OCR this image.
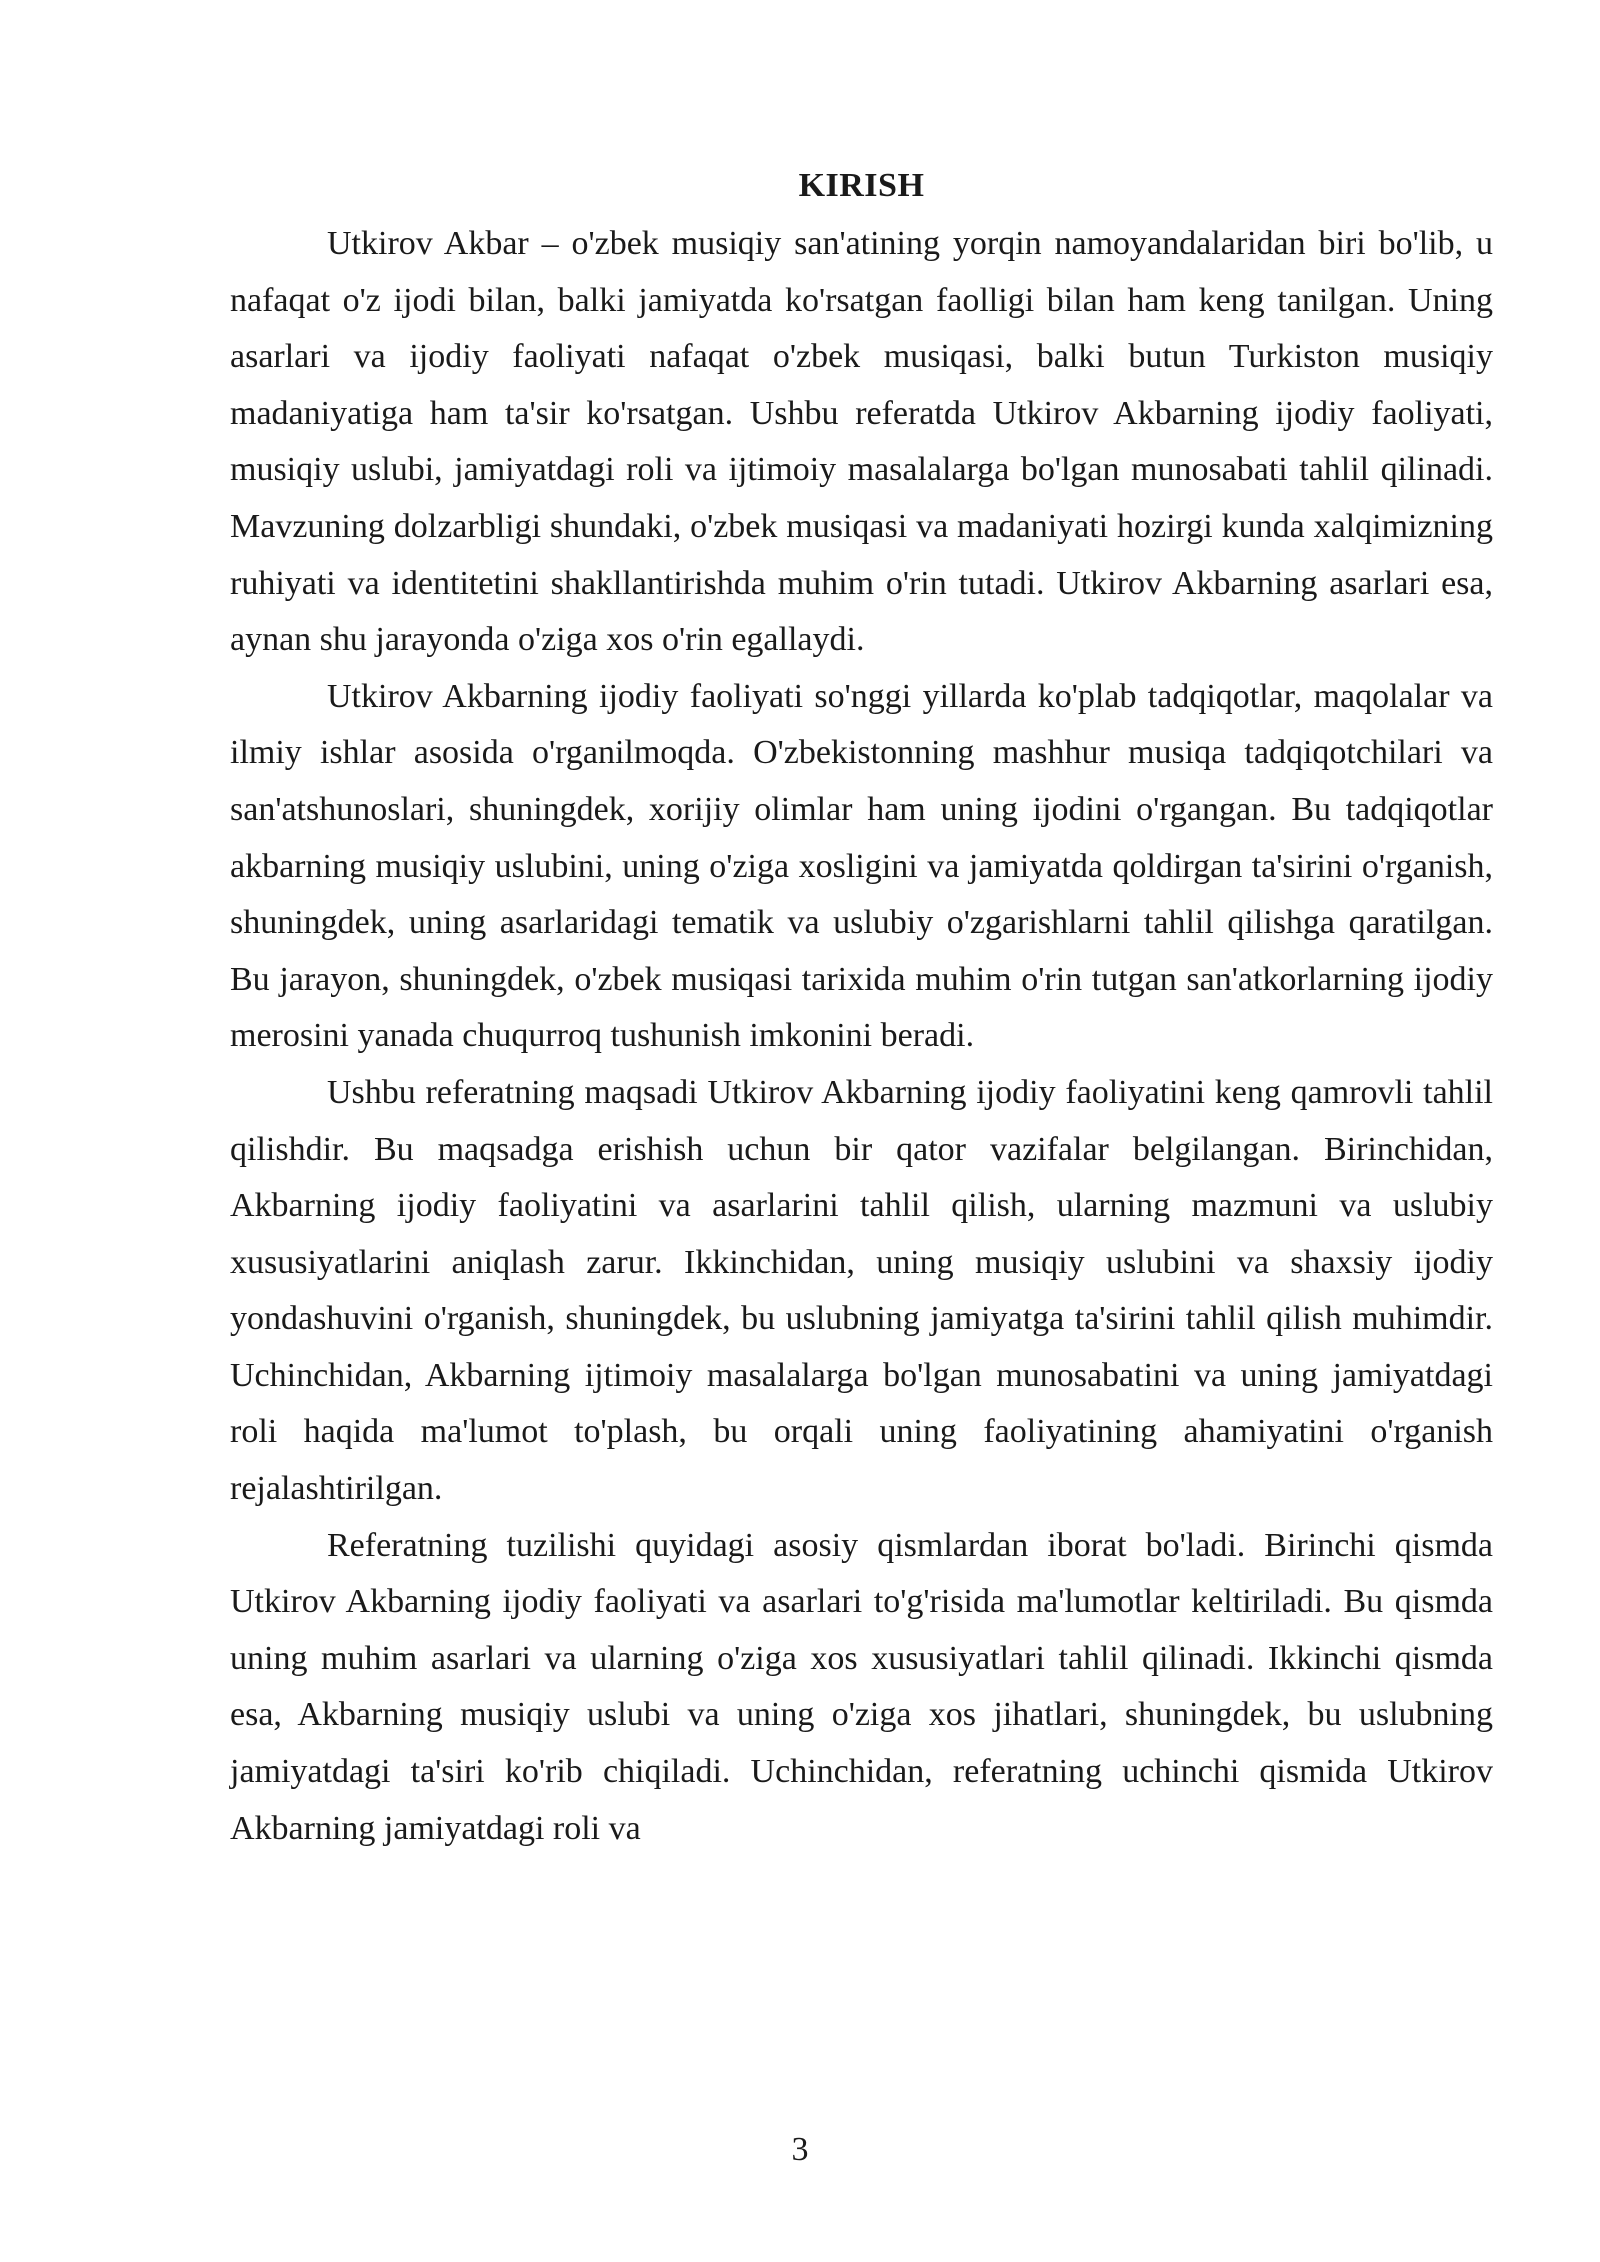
KIRISH

Utkirov Akbar – o'zbek musiqiy san'atining yorqin namoyandalaridan biri bo'lib, u nafaqat o'z ijodi bilan, balki jamiyatda ko'rsatgan faolligi bilan ham keng tanilgan. Uning asarlari va ijodiy faoliyati nafaqat o'zbek musiqasi, balki butun Turkiston musiqiy madaniyatiga ham ta'sir ko'rsatgan. Ushbu referatda Utkirov Akbarning ijodiy faoliyati, musiqiy uslubi, jamiyatdagi roli va ijtimoiy masalalarga bo'lgan munosabati tahlil qilinadi. Mavzuning dolzarbligi shundaki, o'zbek musiqasi va madaniyati hozirgi kunda xalqimizning ruhiyati va identitetini shakllantirishda muhim o'rin tutadi. Utkirov Akbarning asarlari esa, aynan shu jarayonda o'ziga xos o'rin egallaydi.

Utkirov Akbarning ijodiy faoliyati so'nggi yillarda ko'plab tadqiqotlar, maqolalar va ilmiy ishlar asosida o'rganilmoqda. O'zbekistonning mashhur musiqa tadqiqotchilari va san'atshunoslari, shuningdek, xorijiy olimlar ham uning ijodini o'rgangan. Bu tadqiqotlar akbarning musiqiy uslubini, uning o'ziga xosligini va jamiyatda qoldirgan ta'sirini o'rganish, shuningdek, uning asarlaridagi tematik va uslubiy o'zgarishlarni tahlil qilishga qaratilgan. Bu jarayon, shuningdek, o'zbek musiqasi tarixida muhim o'rin tutgan san'atkorlarning ijodiy merosini yanada chuqurroq tushunish imkonini beradi.

Ushbu referatning maqsadi Utkirov Akbarning ijodiy faoliyatini keng qamrovli tahlil qilishdir. Bu maqsadga erishish uchun bir qator vazifalar belgilangan. Birinchidan, Akbarning ijodiy faoliyatini va asarlarini tahlil qilish, ularning mazmuni va uslubiy xususiyatlarini aniqlash zarur. Ikkinchidan, uning musiqiy uslubini va shaxsiy ijodiy yondashuvini o'rganish, shuningdek, bu uslubning jamiyatga ta'sirini tahlil qilish muhimdir. Uchinchidan, Akbarning ijtimoiy masalalarga bo'lgan munosabatini va uning jamiyatdagi roli haqida ma'lumot to'plash, bu orqali uning faoliyatining ahamiyatini o'rganish rejalashtirilgan.

Referatning tuzilishi quyidagi asosiy qismlardan iborat bo'ladi. Birinchi qismda Utkirov Akbarning ijodiy faoliyati va asarlari to'g'risida ma'lumotlar keltiriladi. Bu qismda uning muhim asarlari va ularning o'ziga xos xususiyatlari tahlil qilinadi. Ikkinchi qismda esa, Akbarning musiqiy uslubi va uning o'ziga xos jihatlari, shuningdek, bu uslubning jamiyatdagi ta'siri ko'rib chiqiladi. Uchinchidan, referatning uchinchi qismida Utkirov Akbarning jamiyatdagi roli va

3
